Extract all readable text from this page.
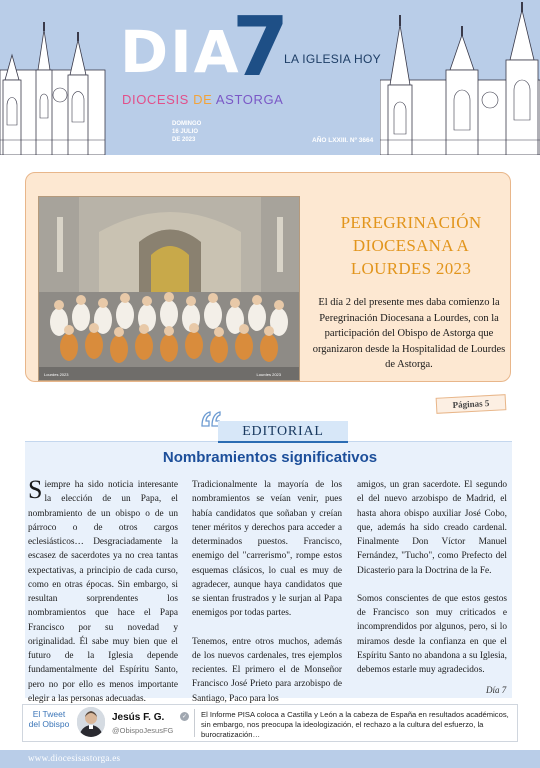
DIA
7
LA IGLESIA HOY
DIOCESIS DE ASTORGA
DOMINGO
16 JULIO
DE 2023	AÑO LXXIII. Nº 3664
Lourdes 2023	Lourdes 2023
PEREGRINACIÓN DIOCESANA A LOURDES 2023
El día 2 del presente mes daba comienzo la Peregrinación Diocesana a Lourdes, con la participación del Obispo de Astorga que organizaron desde la Hospitalidad de Lourdes de Astorga.
Páginas 5
EDITORIAL
Nombramientos significativos

Siempre ha sido noticia interesante la elección de un Papa, el nombramiento de un obispo o de un párroco o de otros cargos eclesiásticos… Desgraciadamente la escasez de sacerdotes ya no crea tantas expectativas, a principio de cada curso, como en otras épocas. Sin embargo, si resultan sorprendentes los nombramientos que hace el Papa Francisco por su novedad y originalidad. Él sabe muy bien que el futuro de la Iglesia depende fundamentalmente del Espíritu Santo, pero no por ello es menos importante elegir a las personas adecuadas.

Tradicionalmente la mayoría de los nombramientos se veían venir, pues había candidatos que soñaban y creían tener méritos y derechos para acceder a determinados puestos. Francisco, enemigo del "carrerismo", rompe estos esquemas clásicos, lo cual es muy de agradecer, aunque haya candidatos que se sientan frustrados y le surjan al Papa enemigos por todas partes.

Tenemos, entre otros muchos, además de los nuevos cardenales, tres ejemplos recientes. El primero el de Monseñor Francisco José Prieto para arzobispo de Santiago, Paco para los

amigos, un gran sacerdote. El segundo el del nuevo arzobispo de Madrid, el hasta ahora obispo auxiliar José Cobo, que, además ha sido creado cardenal. Finalmente Don Víctor Manuel Fernández, "Tucho", como Prefecto del Dicasterio para la Doctrina de la Fe.

Somos conscientes de que estos gestos de Francisco son muy criticados e incomprendidos por algunos, pero, si lo miramos desde la confianza en que el Espíritu Santo no abandona a su Iglesia, debemos estarle muy agradecidos.

Día 7
El Tweet
del Obispo
Jesús F. G.	✓
@ObispoJesusFG
El Informe PISA coloca a Castilla y León a la cabeza de España en resultados académicos, sin embargo, nos preocupa la ideologización, el rechazo a la cultura del esfuerzo, la burocratización…
www.diocesisastorga.es
